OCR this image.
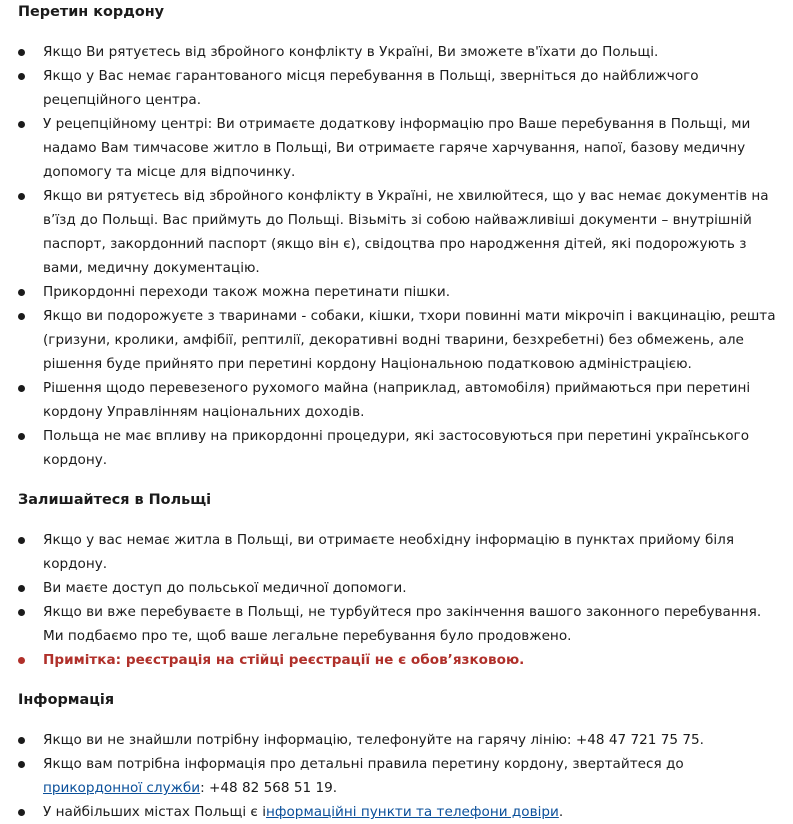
Перетин кордону
Якщо Ви рятуєтесь від збройного конфлікту в Україні, Ви зможете в'їхати до Польщі.
Якщо у Вас немає гарантованого місця перебування в Польщі, зверніться до найближчого рецепційного центра.
У рецепційному центрі: Ви отримаєте додаткову інформацію про Ваше перебування в Польщі, ми надамо Вам тимчасове житло в Польщі, Ви отримаєте гаряче харчування, напої, базову медичну допомогу та місце для відпочинку.
Якщо ви рятуєтесь від збройного конфлікту в Україні, не хвилюйтеся, що у вас немає документів на в’їзд до Польщі. Вас приймуть до Польщі. Візьміть зі собою найважливіші документи – внутрішній паспорт, закордонний паспорт (якщо він є), свідоцтва про народження дітей, які подорожують з вами, медичну документацію.
Прикордонні переходи також можна перетинати пішки.
Якщо ви подорожуєте з тваринами - собаки, кішки, тхори повинні мати мікрочіп і вакцинацію, решта (гризуни, кролики, амфібії, рептилії, декоративні водні тварини, безхребетні) без обмежень, але рішення буде прийнято при перетині кордону Національною податковою адміністрацією.
Рішення щодо перевезеного рухомого майна (наприклад, автомобіля) приймаються при перетині кордону Управлінням національних доходів.
Польща не має впливу на прикордонні процедури, які застосовуються при перетині українського кордону.
Залишайтеся в Польщі
Якщо у вас немає житла в Польщі, ви отримаєте необхідну інформацію в пунктах прийому біля кордону.
Ви маєте доступ до польської медичної допомоги.
Якщо ви вже перебуваєте в Польщі, не турбуйтеся про закінчення вашого законного перебування. Ми подбаємо про те, щоб ваше легальне перебування було продовжено.
Примітка: реєстрація на стійці реєстрації не є обов’язковою.
Інформація
Якщо ви не знайшли потрібну інформацію, телефонуйте на гарячу лінію: +48 47 721 75 75.
Якщо вам потрібна інформація про детальні правила перетину кордону, звертайтеся до прикордонної служби: +48 82 568 51 19.
У найбільших містах Польщі є інформаційні пункти та телефони довіри.
